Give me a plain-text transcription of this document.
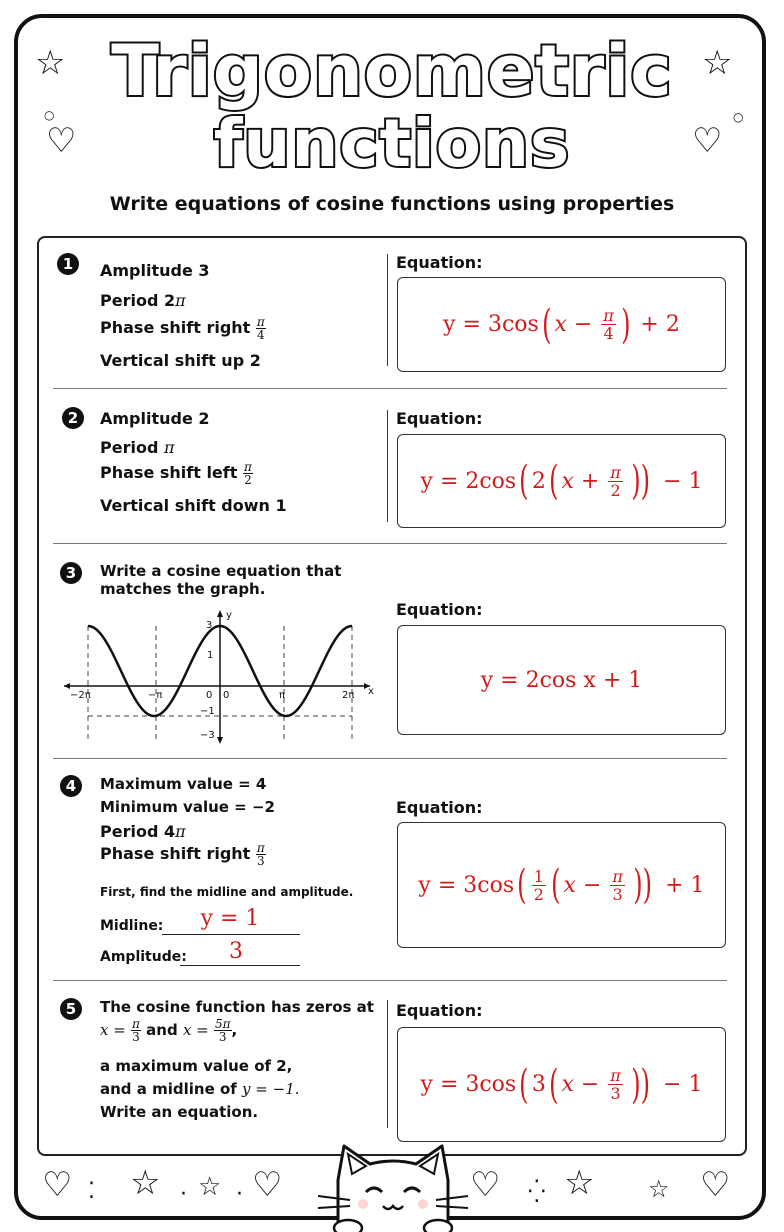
☆
○
♡
☆
○
♡
Trigonometric
functions
Write equations of cosine functions using properties
1	Amplitude 3
Period 2π
Phase shift right $\frac{\pi}{4}$
Vertical shift up 2
Equation:
y = 3cos ( x
−
$\frac{\pi}{4}$ )
+ 2
2	Amplitude 2
Period π
Phase shift left $\frac{\pi}{2}$
Vertical shift down 1
Equation:
y = 2cos ( 2 ( x
+
$\frac{\pi}{2}$ ))
− 1
3	Write a cosine equation that
matches the graph.
Equation:
y = 2cos x + 1
−2π	−π	0	π	2π x
y
3
1
0
−1
−3
4	Maximum value = 4
Minimum value = −2
Period 4π
Phase shift right $\frac{\pi}{3}$
First, find the midline and amplitude.
Midline:	y = 1
Amplitude:	3
Equation:
y = 3cos ( 1
2 ( x
−
$\frac{\pi}{3}$ ))
+ 1
5	The cosine function has zeros at
$x = \frac{\pi}{3}$ and $x = \frac{5\pi}{3}$ ,
a maximum value of 2,
and a midline of y = −1.
Write an equation.
Equation:
y = 3cos ( 3 ( x
−
$\frac{\pi}{3}$ ))
− 1
♡ ⁚ ☆ · ☆ · ♡	♡ ⁛ ☆ ☆ ♡
